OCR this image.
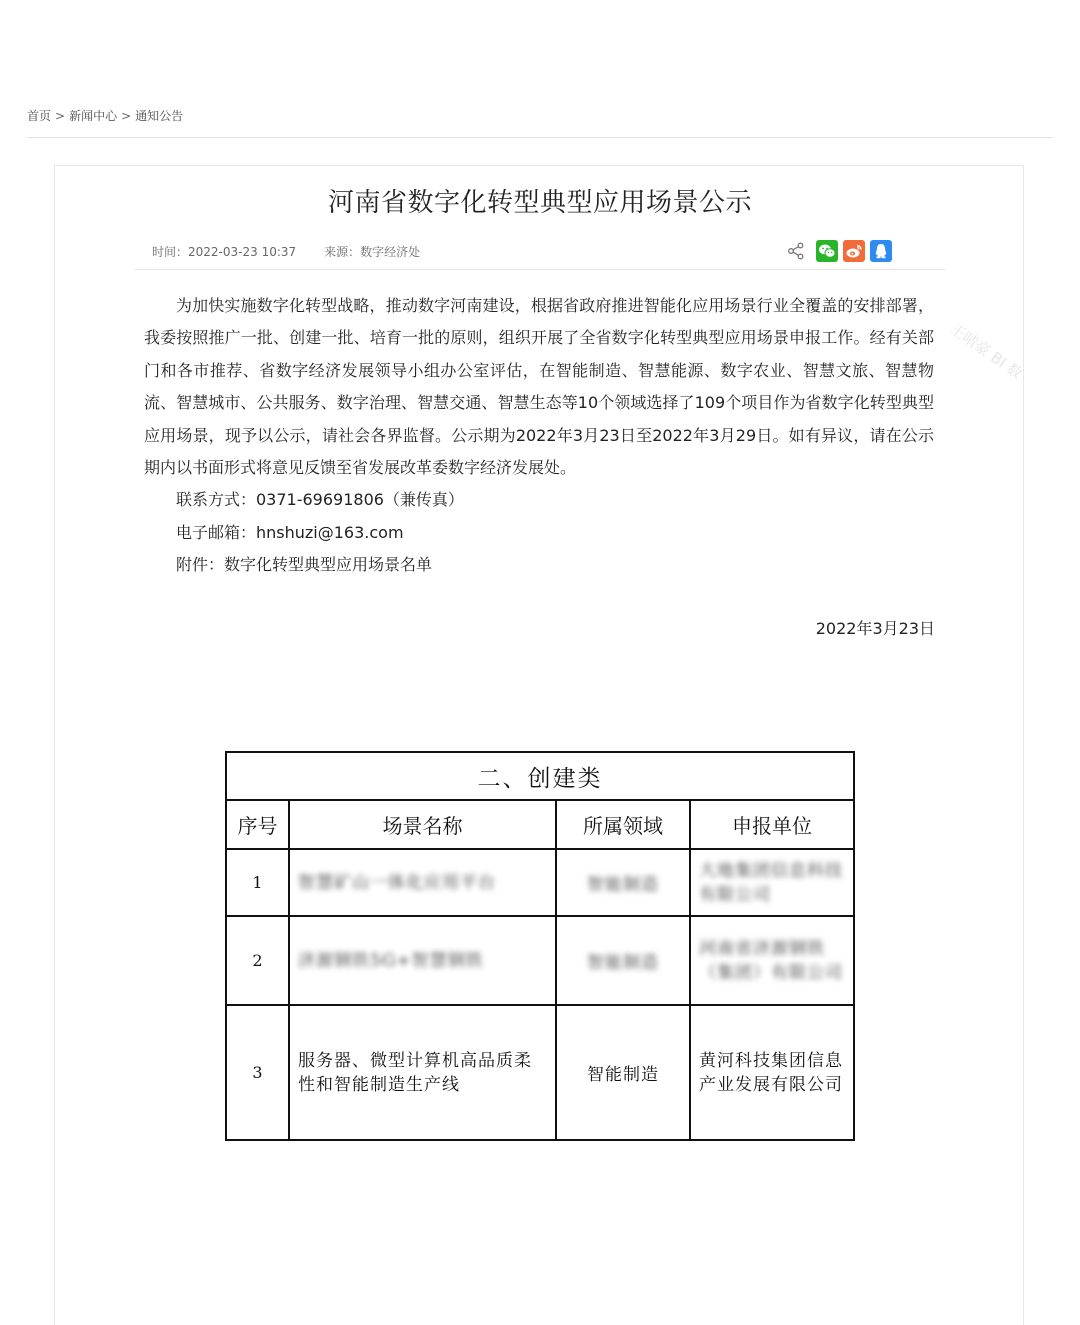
首页 > 新闻中心 > 通知公告
河南省数字化转型典型应用场景公示
时间：2022-03-23 10:37 来源：数字经济处

为加快实施数字化转型战略，推动数字河南建设，根据省政府推进智能化应用场景行业全覆盖的安排部署，我委按照推广一批、创建一批、培育一批的原则，组织开展了全省数字化转型典型应用场景申报工作。经有关部门和各市推荐、省数字经济发展领导小组办公室评估，在智能制造、智慧能源、数字农业、智慧文旅、智慧物流、智慧城市、公共服务、数字治理、智慧交通、智慧生态等10个领域选择了109个项目作为省数字化转型典型应用场景，现予以公示，请社会各界监督。公示期为2022年3月23日至2022年3月29日。如有异议，请在公示期内以书面形式将意见反馈至省发展改革委数字经济发展处。

联系方式：0371-69691806（兼传真）

电子邮箱：hnshuzi@163.com

附件：数字化转型典型应用场景名单

2022年3月23日
王晴豪 BI 数
二、创建类			
序号	场景名称	所属领域	申报单位
1	智慧矿山一体化应用平台	智能制造	大地集团信息科技有限公司
2	济源钢铁5G+智慧钢铁	智能制造	河南省济源钢铁（集团）有限公司
3	服务器、微型计算机高品质柔性和智能制造生产线	智能制造	黄河科技集团信息产业发展有限公司
